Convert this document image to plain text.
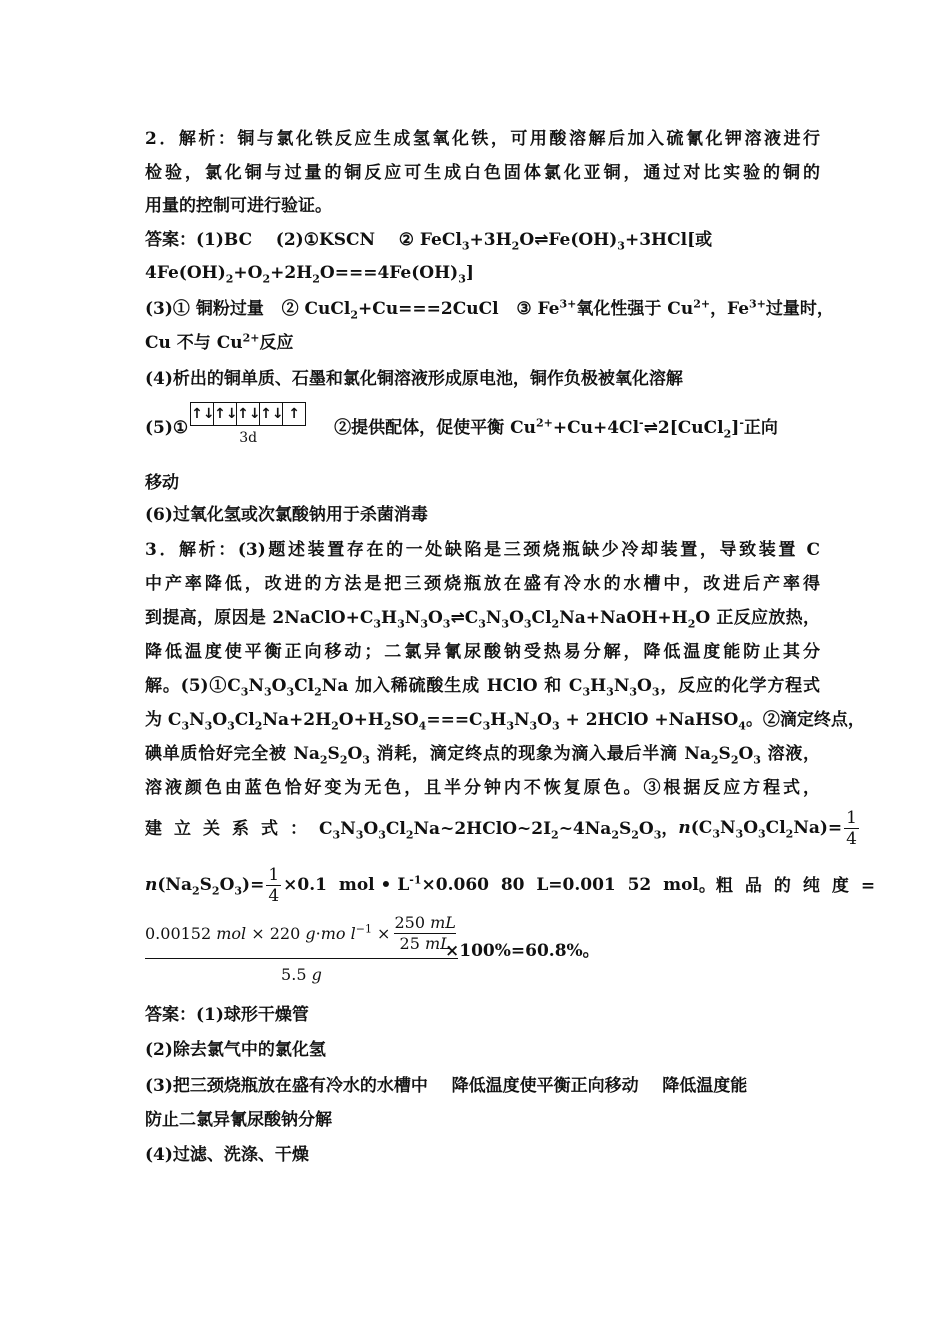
2．解析：铜与氯化铁反应生成氢氧化铁，可用酸溶解后加入硫氰化钾溶液进行
检验，氯化铜与过量的铜反应可生成白色固体氯化亚铜，通过对比实验的铜的
用量的控制可进行验证。
答案：(1)BC    (2)①KSCN    ② $FeCl_3+3H_2O\rightleftharpoons Fe(OH)_3+3HCl$[或
$4Fe(OH)_2+O_2+2H_2O===4Fe(OH)_3$]
(3)① 铜粉过量   ② CuCl$_2$+Cu===2CuCl   ③ $Fe^{3+}$氧化性强于 $Cu^{2+}$，$Fe^{3+}$过量时，
Cu 不与 $Cu^{2+}$反应
(4)析出的铜单质、石墨和氯化铜溶液形成原电池，铜作负极被氧化溶解
(5)①
↑↓ ↑↓ ↑↓ ↑↓ ↑
3d	②提供配体，促使平衡 $Cu^{2+}+Cu+4Cl^-\rightleftharpoons 2[CuCl_2]^-$正向
移动
(6)过氧化氢或次氯酸钠用于杀菌消毒
3．解析：(3)题述装置存在的一处缺陷是三颈烧瓶缺少冷却装置，导致装置 C
中产率降低，改进的方法是把三颈烧瓶放在盛有冷水的水槽中，改进后产率得
到提高，原因是 $2NaClO+C_3H_3N_3O_3\rightleftharpoons C_3N_3O_3Cl_2Na+NaOH+H_2O$ 正反应放热，
降低温度使平衡正向移动；二氯异氰尿酸钠受热易分解，降低温度能防止其分
解。$(5)①C_3N_3O_3Cl_2Na$ 加入稀硫酸生成 HClO 和 $C_3H_3N_3O_3$，反应的化学方程式
为 $C_3N_3O_3Cl_2Na+2H_2O+H_2SO_4===C_3H_3N_3O_3$ + 2HClO +NaHSO$_4$。②滴定终点，
碘单质恰好完全被 $Na_2S_2O_3$ 消耗，滴定终点的现象为滴入最后半滴 $Na_2S_2O_3$ 溶液，
溶液颜色由蓝色恰好变为无色，且半分钟内不恢复原色。③根据反应方程式，
建立关系式： $C_3N_3O_3Cl_2Na\sim 2HClO\sim 2I_2\sim 4Na_2S_2O_3$ ， $n(C_3N_3O_3Cl_2Na)= \frac{1}{4}$
$n(Na_2S_2O_3)= \frac{1}{4} \times 0.1$  mol • $L^{-1}\times 0.060$  80  L=0.001  52  mol 。 粗品的纯度=
0.00152 mol × 220 g·mo $l^{-1} \times \frac{250 mL}{25 mL}$
5.5 g
×100%=60.8%。
答案：(1)球形干燥管
(2)除去氯气中的氯化氢
(3)把三颈烧瓶放在盛有冷水的水槽中    降低温度使平衡正向移动    降低温度能
防止二氯异氰尿酸钠分解
(4)过滤、洗涤、干燥
